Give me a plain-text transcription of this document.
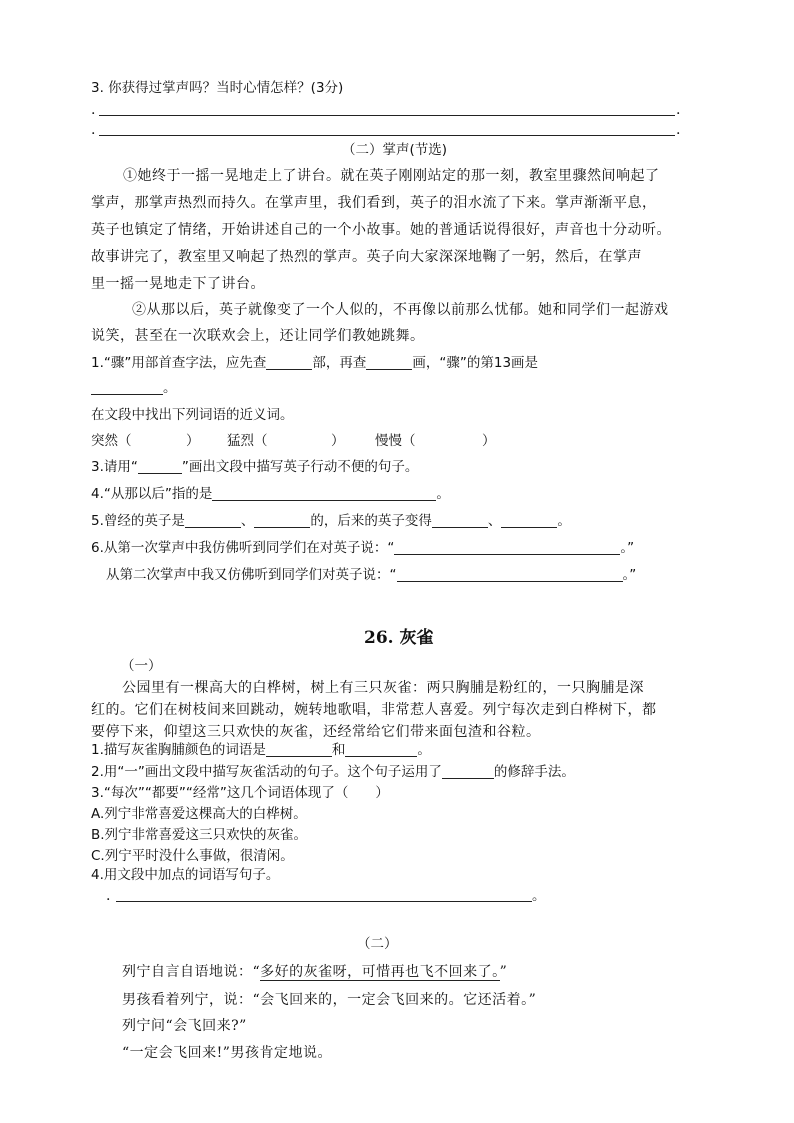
3. 你获得过掌声吗？当时心情怎样？(3分)
.	.
.	.
（二）掌声(节选)
①她终于一摇一晃地走上了讲台。就在英子刚刚站定的那一刻，教室里骤然间响起了
掌声，那掌声热烈而持久。在掌声里，我们看到，英子的泪水流了下来。掌声渐渐平息，
英子也镇定了情绪，开始讲述自己的一个小故事。她的普通话说得很好，声音也十分动听。
故事讲完了，教室里又响起了热烈的掌声。英子向大家深深地鞠了一躬，然后，在掌声
里一摇一晃地走下了讲台。
②从那以后，英子就像变了一个人似的，不再像以前那么忧郁。她和同学们一起游戏
说笑，甚至在一次联欢会上，还让同学们教她跳舞。
1.“骤”用部首查字法，应先查	部，再查	画，“骤”的第13画是
。
在文段中找出下列词语的近义词。
突然（	） 猛烈（	） 慢慢（	）
3.请用“	”画出文段中描写英子行动不便的句子。
4.“从那以后”指的是	。
5.曾经的英子是	、	的，后来的英子变得	、	。
6.从第一次掌声中我仿佛听到同学们在对英子说：“	。”
从第二次掌声中我又仿佛听到同学们对英子说：“	。”
26. 灰雀
（一）
公园里有一棵高大的白桦树，树上有三只灰雀：两只胸脯是粉红的，一只胸脯是深
红的。它们在树枝间来回跳动，婉转地歌唱，非常惹人喜爱。列宁每次走到白桦树下，都
要停下来，仰望这三只欢快的灰雀，还经常给它们带来面包渣和谷粒。
1.描写灰雀胸脯颜色的词语是	和	。
2.用“一”画出文段中描写灰雀活动的句子。这个句子运用了	的修辞手法。
3.“每次”“都要”“经常”这几个词语体现了（　　）
A.列宁非常喜爱这棵高大的白桦树。
B.列宁非常喜爱这三只欢快的灰雀。
C.列宁平时没什么事做，很清闲。
4.用文段中加点的词语写句子。
.	。
（二）
列宁自言自语地说：“多好的灰雀呀，可惜再也飞不回来了。”
男孩看着列宁，说：“会飞回来的，一定会飞回来的。它还活着。”
列宁问“会飞回来?”
“一定会飞回来!”男孩肯定地说。
